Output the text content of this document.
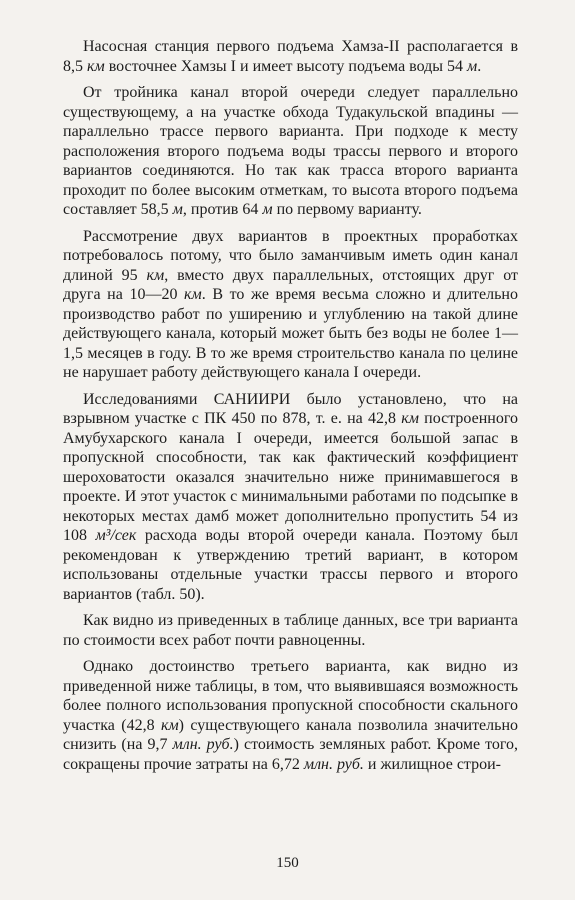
Насосная станция первого подъема Хамза-II располагается в 8,5 км восточнее Хамзы I и имеет высоту подъема воды 54 м.

От тройника канал второй очереди следует параллельно существующему, а на участке обхода Тудакульской впадины — параллельно трассе первого варианта. При подходе к месту расположения второго подъема воды трассы первого и второго вариантов соединяются. Но так как трасса второго варианта проходит по более высоким отметкам, то высота второго подъема составляет 58,5 м, против 64 м по первому варианту.

Рассмотрение двух вариантов в проектных проработках потребовалось потому, что было заманчивым иметь один канал длиной 95 км, вместо двух параллельных, отстоящих друг от друга на 10—20 км. В то же время весьма сложно и длительно производство работ по уширению и углублению на такой длине действующего канала, который может быть без воды не более 1—1,5 месяцев в году. В то же время строительство канала по целине не нарушает работу действующего канала I очереди.

Исследованиями САНИИРИ было установлено, что на взрывном участке с ПК 450 по 878, т. е. на 42,8 км построенного Амубухарского канала I очереди, имеется большой запас в пропускной способности, так как фактический коэффициент шероховатости оказался значительно ниже принимавшегося в проекте. И этот участок с минимальными работами по подсыпке в некоторых местах дамб может дополнительно пропустить 54 из 108 м³/сек расхода воды второй очереди канала. Поэтому был рекомендован к утверждению третий вариант, в котором использованы отдельные участки трассы первого и второго вариантов (табл. 50).

Как видно из приведенных в таблице данных, все три варианта по стоимости всех работ почти равноценны.

Однако достоинство третьего варианта, как видно из приведенной ниже таблицы, в том, что выявившаяся возможность более полного использования пропускной способности скального участка (42,8 км) существующего канала позволила значительно снизить (на 9,7 млн. руб.) стоимость земляных работ. Кроме того, сокращены прочие затраты на 6,72 млн. руб. и жилищное строи-

150
